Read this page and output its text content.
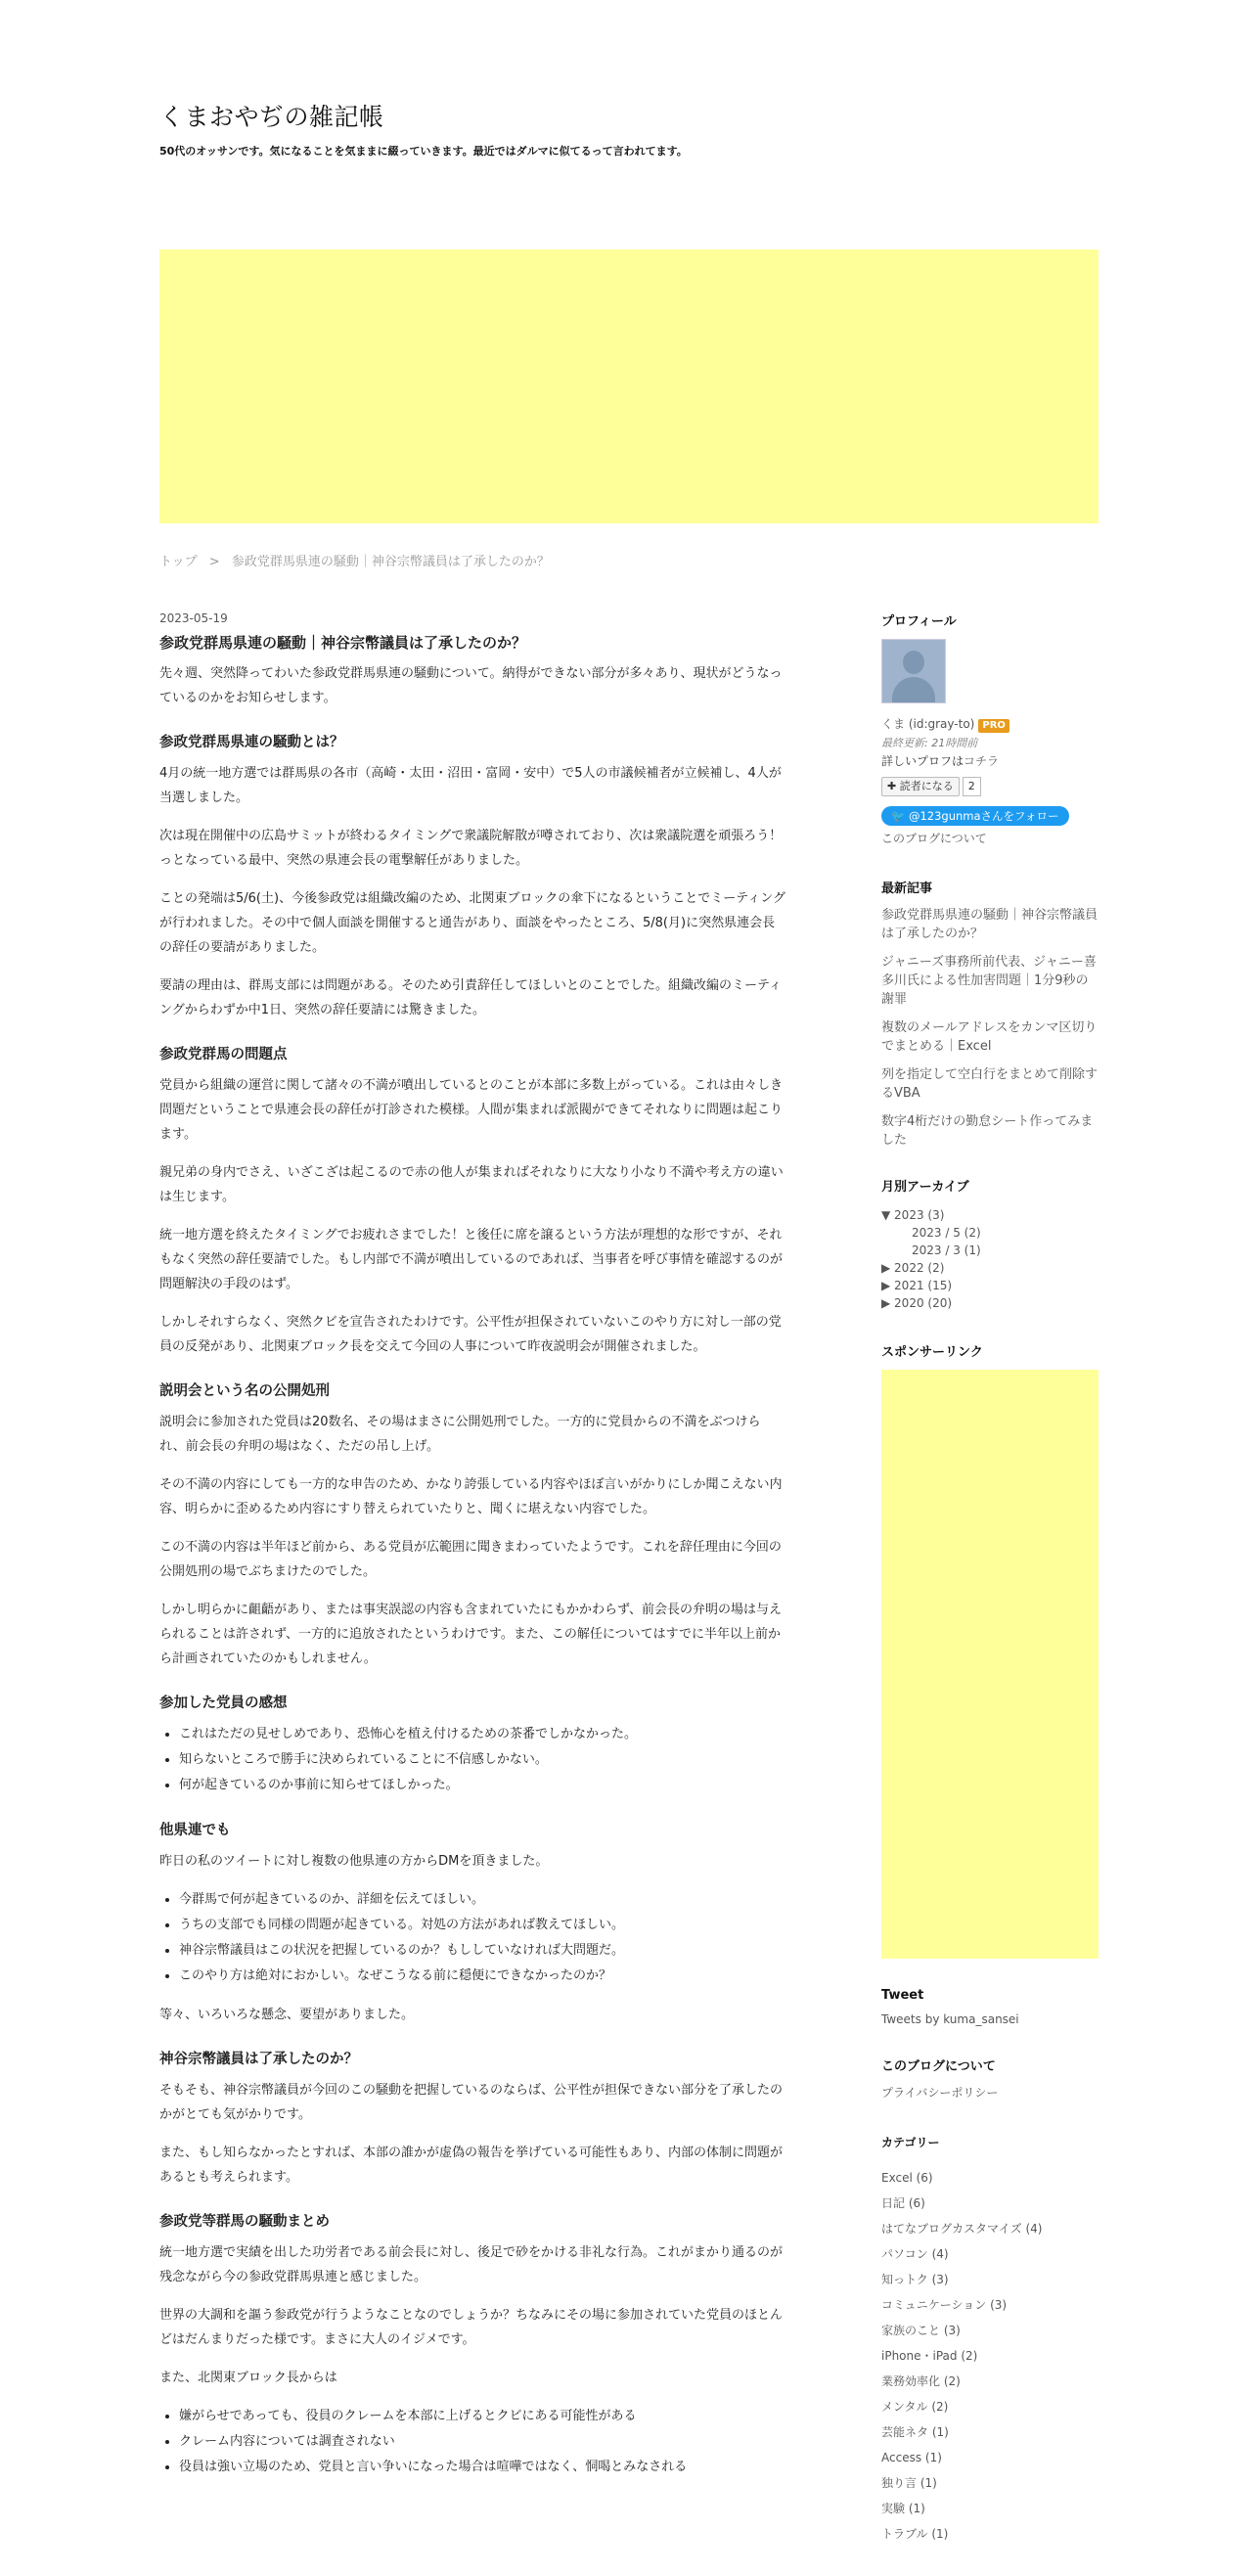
くまおやぢの雑記帳
50代のオッサンです。気になることを気ままに綴っていきます。最近ではダルマに似てるって言われてます。
トップ > 参政党群馬県連の騒動｜神谷宗幣議員は了承したのか？
2023-05-19
参政党群馬県連の騒動｜神谷宗幣議員は了承したのか？

先々週、突然降ってわいた参政党群馬県連の騒動について。納得ができない部分が多々あり、現状がどうなっているのかをお知らせします。

参政党群馬県連の騒動とは？

4月の統一地方選では群馬県の各市（高崎・太田・沼田・富岡・安中）で5人の市議候補者が立候補し、4人が当選しました。

次は現在開催中の広島サミットが終わるタイミングで衆議院解散が噂されており、次は衆議院選を頑張ろう！っとなっている最中、突然の県連会長の電撃解任がありました。

ことの発端は5/6(土)、今後参政党は組織改編のため、北関東ブロックの傘下になるということでミーティングが行われました。その中で個人面談を開催すると通告があり、面談をやったところ、5/8(月)に突然県連会長の辞任の要請がありました。

要請の理由は、群馬支部には問題がある。そのため引責辞任してほしいとのことでした。組織改編のミーティングからわずか中1日、突然の辞任要請には驚きました。

参政党群馬の問題点

党員から組織の運営に関して諸々の不満が噴出しているとのことが本部に多数上がっている。これは由々しき問題だということで県連会長の辞任が打診された模様。人間が集まれば派閥ができてそれなりに問題は起こります。

親兄弟の身内でさえ、いざこざは起こるので赤の他人が集まればそれなりに大なり小なり不満や考え方の違いは生じます。

統一地方選を終えたタイミングでお疲れさまでした！と後任に席を譲るという方法が理想的な形ですが、それもなく突然の辞任要請でした。もし内部で不満が噴出しているのであれば、当事者を呼び事情を確認するのが問題解決の手段のはず。

しかしそれすらなく、突然クビを宣告されたわけです。公平性が担保されていないこのやり方に対し一部の党員の反発があり、北関東ブロック長を交えて今回の人事について昨夜説明会が開催されました。

説明会という名の公開処刑

説明会に参加された党員は20数名、その場はまさに公開処刑でした。一方的に党員からの不満をぶつけられ、前会長の弁明の場はなく、ただの吊し上げ。

その不満の内容にしても一方的な申告のため、かなり誇張している内容やほぼ言いがかりにしか聞こえない内容、明らかに歪めるため内容にすり替えられていたりと、聞くに堪えない内容でした。

この不満の内容は半年ほど前から、ある党員が広範囲に聞きまわっていたようです。これを辞任理由に今回の公開処刑の場でぶちまけたのでした。

しかし明らかに齟齬があり、または事実誤認の内容も含まれていたにもかかわらず、前会長の弁明の場は与えられることは許されず、一方的に追放されたというわけです。また、この解任についてはすでに半年以上前から計画されていたのかもしれません。

参加した党員の感想
• これはただの見せしめであり、恐怖心を植え付けるための茶番でしかなかった。
• 知らないところで勝手に決められていることに不信感しかない。
• 何が起きているのか事前に知らせてほしかった。
他県連でも

昨日の私のツイートに対し複数の他県連の方からDMを頂きました。

• 今群馬で何が起きているのか、詳細を伝えてほしい。
• うちの支部でも同様の問題が起きている。対処の方法があれば教えてほしい。
• 神谷宗幣議員はこの状況を把握しているのか？もししていなければ大問題だ。
• このやり方は絶対におかしい。なぜこうなる前に穏便にできなかったのか？

等々、いろいろな懸念、要望がありました。

神谷宗幣議員は了承したのか？

そもそも、神谷宗幣議員が今回のこの騒動を把握しているのならば、公平性が担保できない部分を了承したのかがとても気がかりです。

また、もし知らなかったとすれば、本部の誰かが虚偽の報告を挙げている可能性もあり、内部の体制に問題があるとも考えられます。

参政党等群馬の騒動まとめ

統一地方選で実績を出した功労者である前会長に対し、後足で砂をかける非礼な行為。これがまかり通るのが残念ながら今の参政党群馬県連と感じました。

世界の大調和を謳う参政党が行うようなことなのでしょうか？ちなみにその場に参加されていた党員のほとんどはだんまりだった様です。まさに大人のイジメです。

また、北関東ブロック長からは

• 嫌がらせであっても、役員のクレームを本部に上げるとクビにある可能性がある
• クレーム内容については調査されない
• 役員は強い立場のため、党員と言い争いになった場合は喧嘩ではなく、恫喝とみなされる
プロフィール
くま (id:gray-to) PRO
最終更新: 21時間前
詳しいプロフはコチラ
✚ 読者になる 2
🐦 @123gunmaさんをフォロー
このブログについて
最新記事
参政党群馬県連の騒動｜神谷宗幣議員は了承したのか？
ジャニーズ事務所前代表、ジャニー喜多川氏による性加害問題｜1分9秒の謝罪
複数のメールアドレスをカンマ区切りでまとめる｜Excel
列を指定して空白行をまとめて削除するVBA
数字4桁だけの勤怠シート作ってみました
月別アーカイブ
▼ 2023 (3)
2023 / 5 (2)
2023 / 3 (1)
▶ 2022 (2)
▶ 2021 (15)
▶ 2020 (20)
スポンサーリンク
Tweet
Tweets by kuma_sansei
このブログについて
プライバシーポリシー
カテゴリー
Excel (6)
日記 (6)
はてなブログカスタマイズ (4)
パソコン (4)
知っトク (3)
コミュニケーション (3)
家族のこと (3)
iPhone・iPad (2)
業務効率化 (2)
メンタル (2)
芸能ネタ (1)
Access (1)
独り言 (1)
実験 (1)
トラブル (1)
